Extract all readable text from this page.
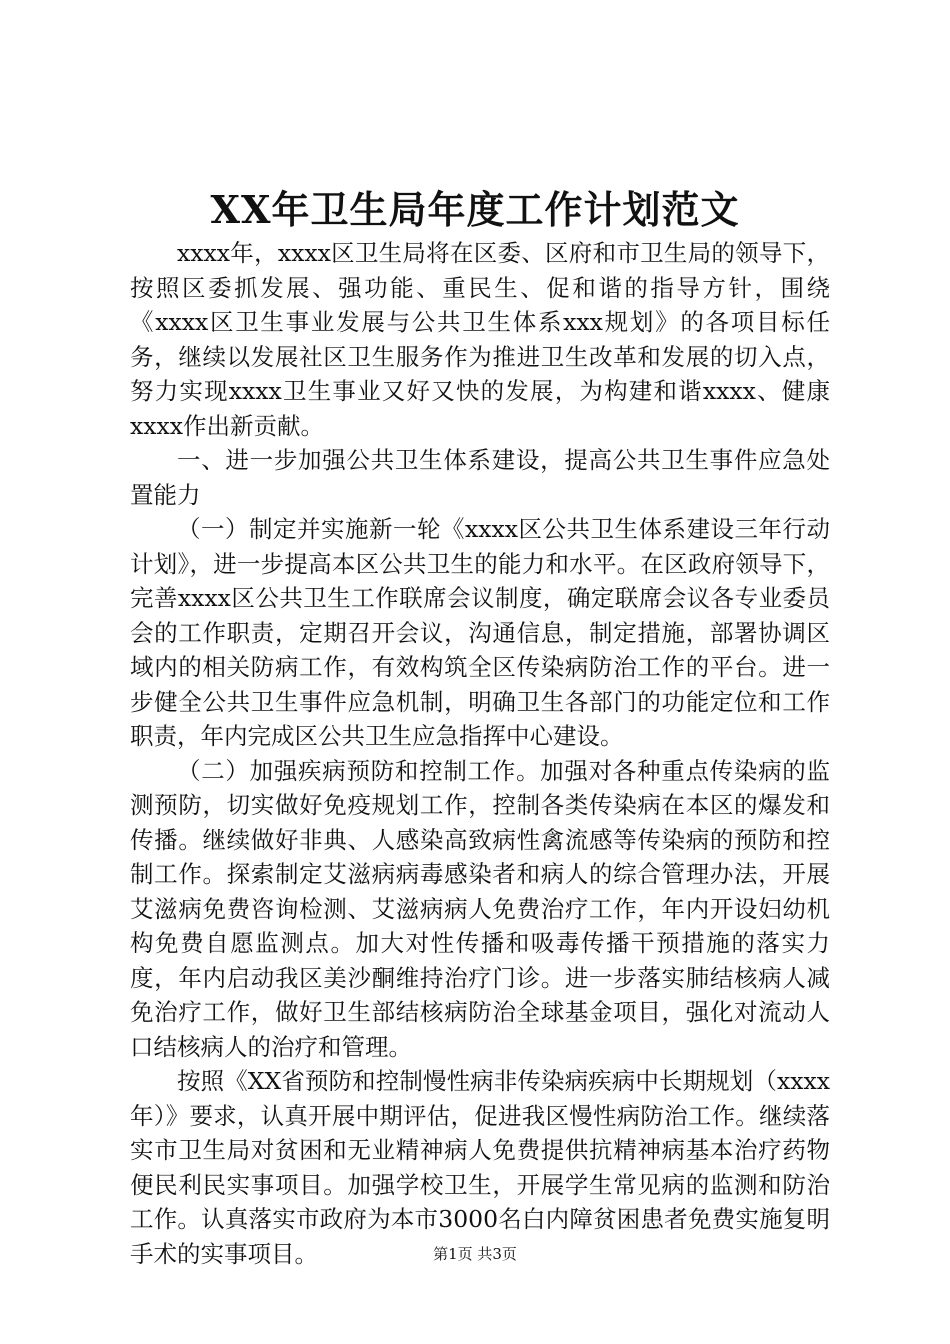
XX年卫生局年度工作计划范文

xxxx年，xxxx区卫生局将在区委、区府和市卫生局的领导下，按照区委抓发展、强功能、重民生、促和谐的指导方针，围绕《xxxx区卫生事业发展与公共卫生体系xxx规划》的各项目标任务，继续以发展社区卫生服务作为推进卫生改革和发展的切入点，努力实现xxxx卫生事业又好又快的发展，为构建和谐xxxx、健康xxxx作出新贡献。

一、进一步加强公共卫生体系建设，提高公共卫生事件应急处置能力

（一）制定并实施新一轮《xxxx区公共卫生体系建设三年行动计划》，进一步提高本区公共卫生的能力和水平。在区政府领导下，完善xxxx区公共卫生工作联席会议制度，确定联席会议各专业委员会的工作职责，定期召开会议，沟通信息，制定措施，部署协调区域内的相关防病工作，有效构筑全区传染病防治工作的平台。进一步健全公共卫生事件应急机制，明确卫生各部门的功能定位和工作职责，年内完成区公共卫生应急指挥中心建设。

（二）加强疾病预防和控制工作。加强对各种重点传染病的监测预防，切实做好免疫规划工作，控制各类传染病在本区的爆发和传播。继续做好非典、人感染高致病性禽流感等传染病的预防和控制工作。探索制定艾滋病病毒感染者和病人的综合管理办法，开展艾滋病免费咨询检测、艾滋病病人免费治疗工作，年内开设妇幼机构免费自愿监测点。加大对性传播和吸毒传播干预措施的落实力度，年内启动我区美沙酮维持治疗门诊。进一步落实肺结核病人减免治疗工作，做好卫生部结核病防治全球基金项目，强化对流动人口结核病人的治疗和管理。

按照《XX省预防和控制慢性病非传染病疾病中长期规划（xxxx年）》要求，认真开展中期评估，促进我区慢性病防治工作。继续落实市卫生局对贫困和无业精神病人免费提供抗精神病基本治疗药物便民利民实事项目。加强学校卫生，开展学生常见病的监测和防治工作。认真落实市政府为本市3000名白内障贫困患者免费实施复明手术的实事项目。	第1页 共3页
